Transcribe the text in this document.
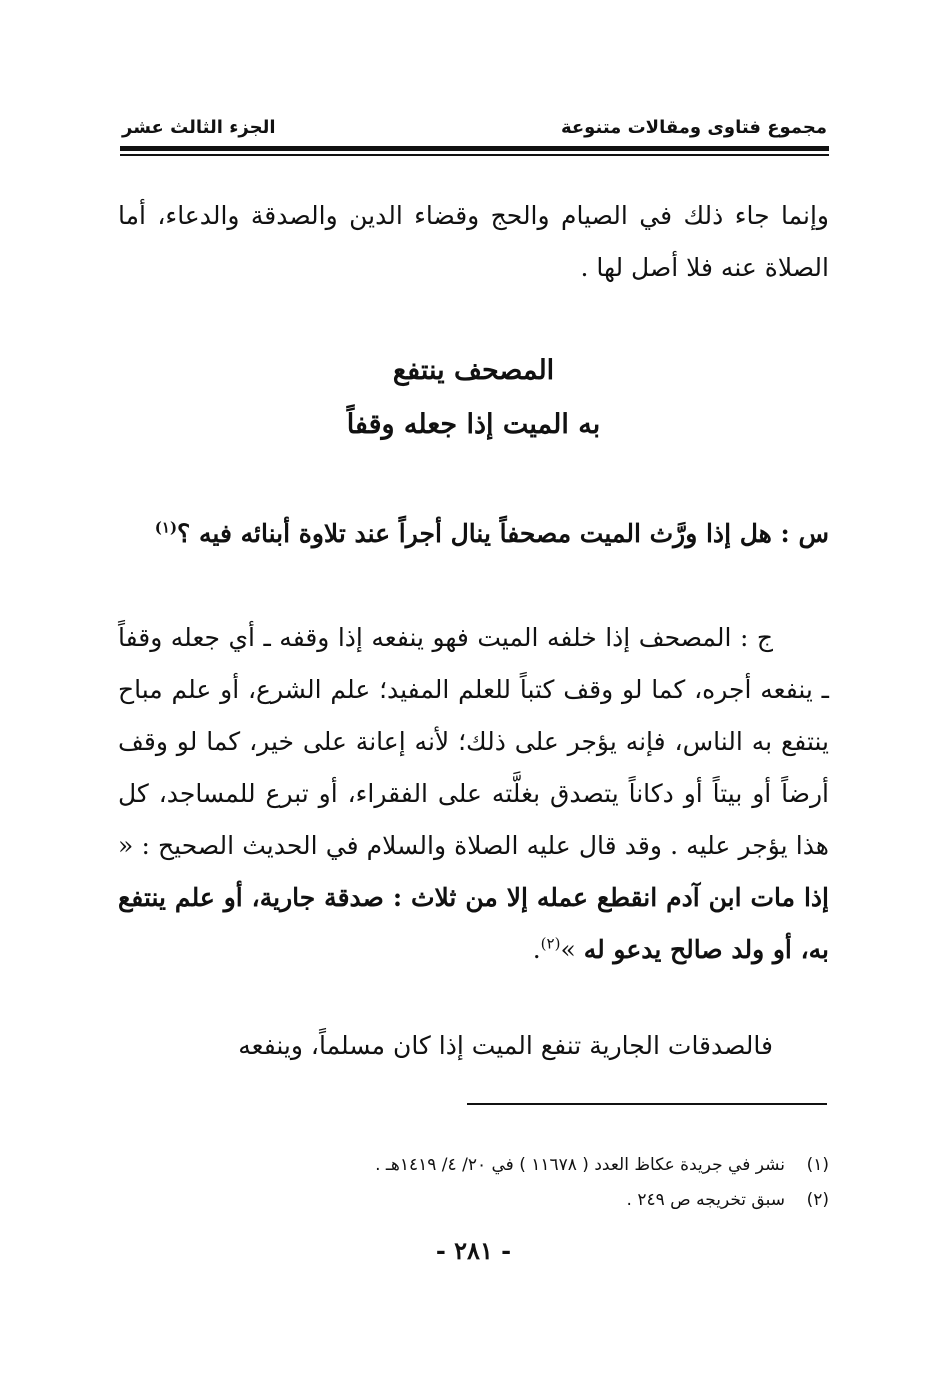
مجموع فتاوى ومقالات متنوعة
الجزء الثالث عشر

وإنما جاء ذلك في الصيام والحج وقضاء الدين والصدقة والدعاء، أما الصلاة عنه فلا أصل لها .

المصحف ينتفع
به الميت إذا جعله وقفاً

س : هل إذا ورَّث الميت مصحفاً ينال أجراً عند تلاوة أبنائه فيه ؟$^{(١)}$

ج : المصحف إذا خلفه الميت فهو ينفعه إذا وقفه ـ أي جعله وقفاً ـ ينفعه أجره، كما لو وقف كتباً للعلم المفيد؛ علم الشرع، أو علم مباح ينتفع به الناس، فإنه يؤجر على ذلك؛ لأنه إعانة على خير، كما لو وقف أرضاً أو بيتاً أو دكاناً يتصدق بغلَّته على الفقراء، أو تبرع للمساجد، كل هذا يؤجر عليه . وقد قال عليه الصلاة والسلام في الحديث الصحيح : « إذا مات ابن آدم انقطع عمله إلا من ثلاث : صدقة جارية، أو علم ينتفع به، أو ولد صالح يدعو له »$^{(٢)}$.

فالصدقات الجارية تنفع الميت إذا كان مسلماً، وينفعه

(١)
نشر في جريدة عكاظ العدد ( ١١٦٧٨ ) في ٢٠/ ٤/ ١٤١٩هـ .
(٢)
سبق تخريجه ص ٢٤٩ .
- ٢٨١ -
